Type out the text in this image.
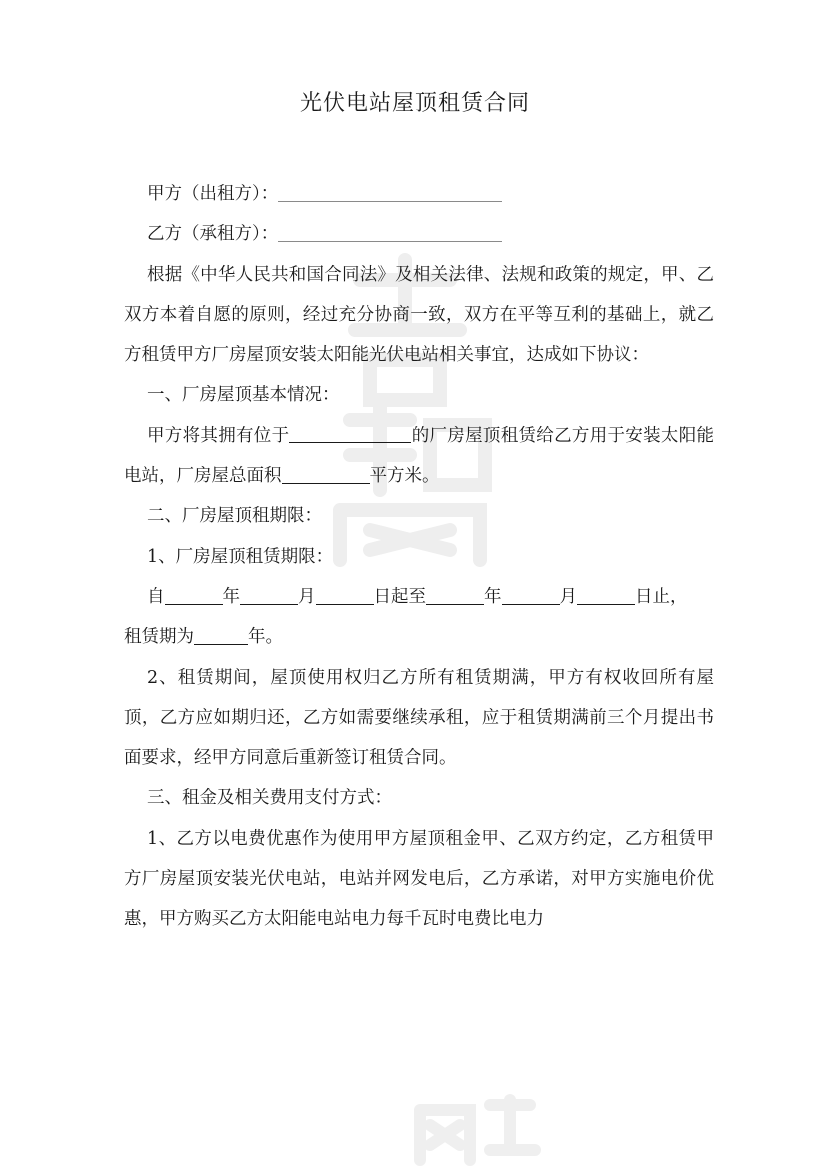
光伏电站屋顶租赁合同

甲方（出租方）：

乙方（承租方）：

根据《中华人民共和国合同法》及相关法律、法规和政策的规定，甲、乙双方本着自愿的原则，经过充分协商一致，双方在平等互利的基础上，就乙方租赁甲方厂房屋顶安装太阳能光伏电站相关事宜，达成如下协议：

一、厂房屋顶基本情况：

甲方将其拥有位于	的厂房屋顶租赁给乙方用于安装太阳能电站，厂房屋总面积	平方米。

二、厂房屋顶租期限：

1、厂房屋顶租赁期限：

自	年	月	日起至	年	月	日止，

租赁期为	年。

2、租赁期间，屋顶使用权归乙方所有租赁期满，甲方有权收回所有屋顶，乙方应如期归还，乙方如需要继续承租，应于租赁期满前三个月提出书面要求，经甲方同意后重新签订租赁合同。

三、租金及相关费用支付方式：

1、乙方以电费优惠作为使用甲方屋顶租金甲、乙双方约定，乙方租赁甲方厂房屋顶安装光伏电站，电站并网发电后，乙方承诺，对甲方实施电价优惠，甲方购买乙方太阳能电站电力每千瓦时电费比电力
